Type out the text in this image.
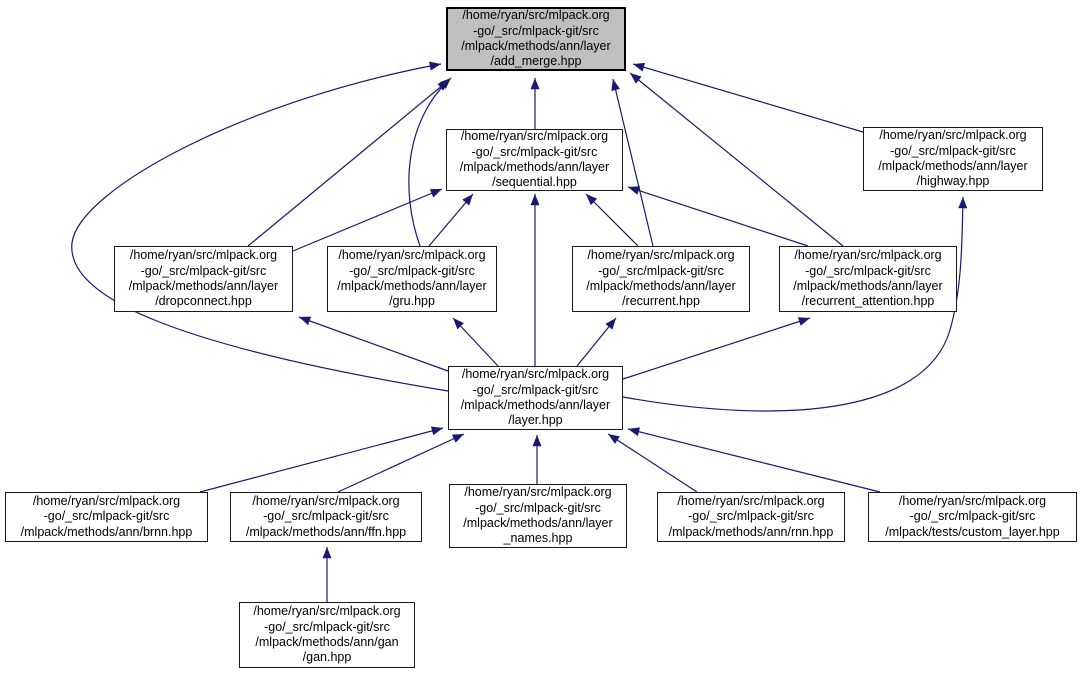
/home/ryan/src/mlpack.org
-go/_src/mlpack-git/src
/mlpack/methods/ann/layer
/add_merge.hpp
/home/ryan/src/mlpack.org
-go/_src/mlpack-git/src
/mlpack/methods/ann/layer
/sequential.hpp
/home/ryan/src/mlpack.org
-go/_src/mlpack-git/src
/mlpack/methods/ann/layer
/highway.hpp
/home/ryan/src/mlpack.org
-go/_src/mlpack-git/src
/mlpack/methods/ann/layer
/dropconnect.hpp
/home/ryan/src/mlpack.org
-go/_src/mlpack-git/src
/mlpack/methods/ann/layer
/gru.hpp
/home/ryan/src/mlpack.org
-go/_src/mlpack-git/src
/mlpack/methods/ann/layer
/recurrent.hpp
/home/ryan/src/mlpack.org
-go/_src/mlpack-git/src
/mlpack/methods/ann/layer
/recurrent_attention.hpp
/home/ryan/src/mlpack.org
-go/_src/mlpack-git/src
/mlpack/methods/ann/layer
/layer.hpp
/home/ryan/src/mlpack.org
-go/_src/mlpack-git/src
/mlpack/methods/ann/brnn.hpp
/home/ryan/src/mlpack.org
-go/_src/mlpack-git/src
/mlpack/methods/ann/ffn.hpp
/home/ryan/src/mlpack.org
-go/_src/mlpack-git/src
/mlpack/methods/ann/layer
_names.hpp
/home/ryan/src/mlpack.org
-go/_src/mlpack-git/src
/mlpack/methods/ann/rnn.hpp
/home/ryan/src/mlpack.org
-go/_src/mlpack-git/src
/mlpack/tests/custom_layer.hpp
/home/ryan/src/mlpack.org
-go/_src/mlpack-git/src
/mlpack/methods/ann/gan
/gan.hpp
